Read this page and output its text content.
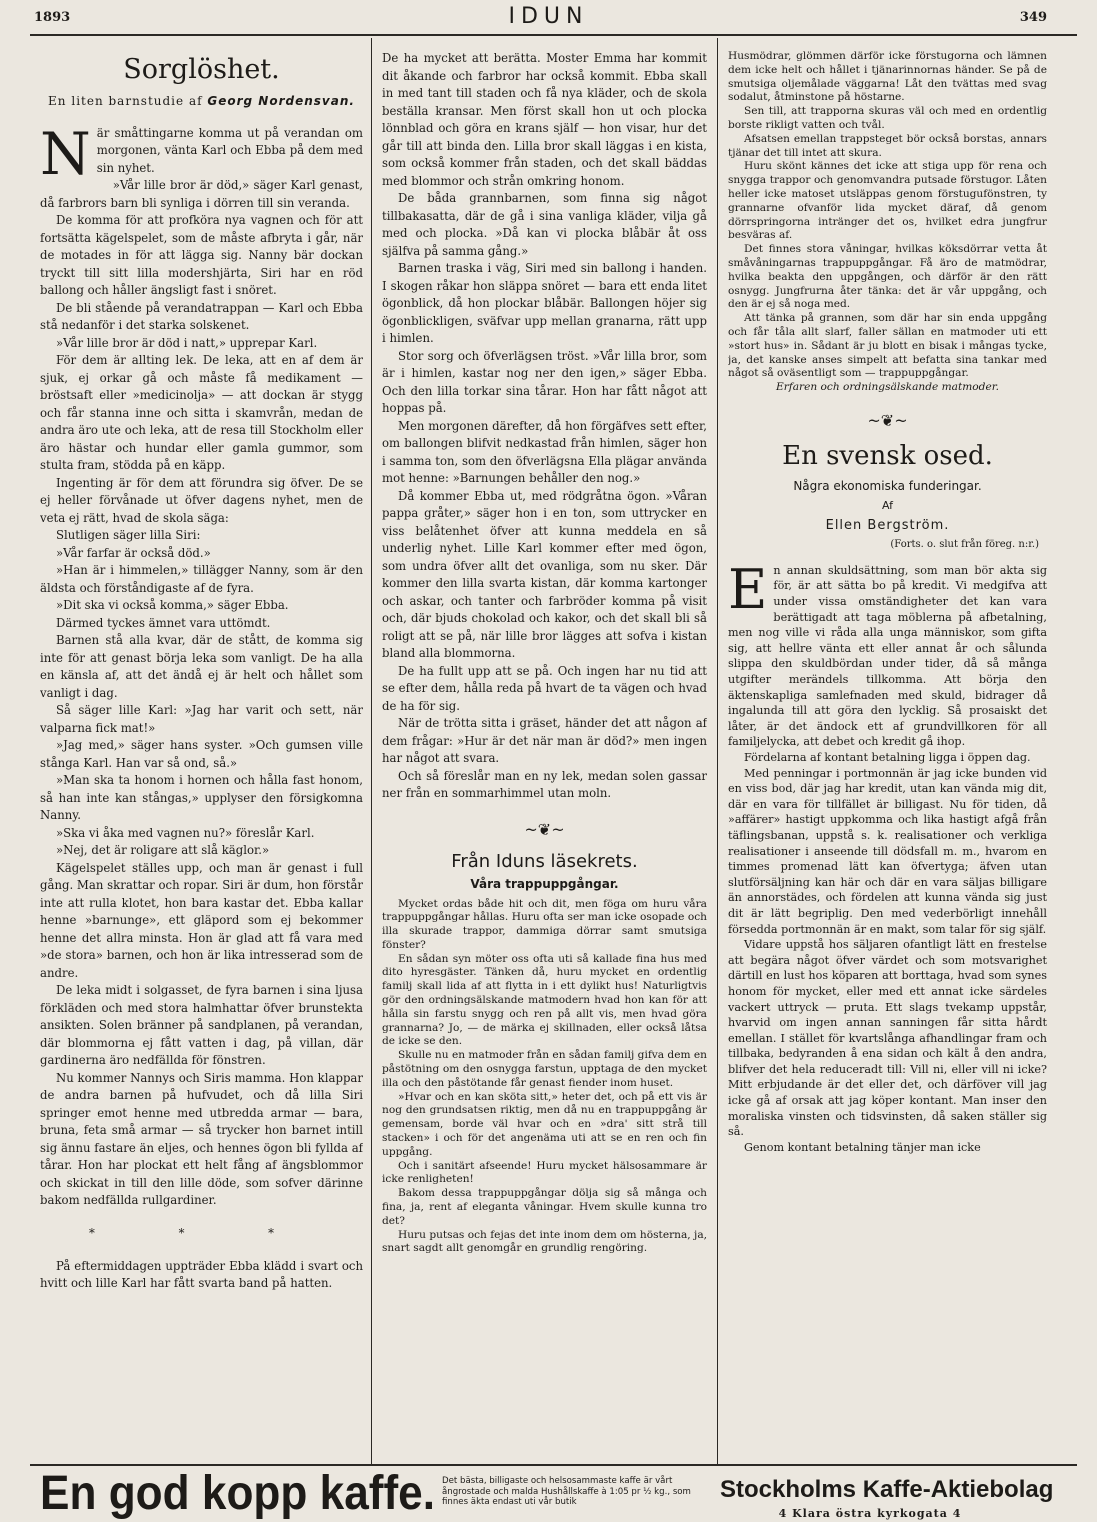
1893	IDUN	349
Sorglöshet.
En liten barnstudie af Georg Nordensvan.
N är småttingarne komma ut på verandan om morgonen, vänta Karl och Ebba på dem med sin nyhet.

»Vår lille bror är död,» säger Karl genast, då farbrors barn bli synliga i dörren till sin veranda.

De komma för att profköra nya vagnen och för att fortsätta kägelspelet, som de måste afbryta i går, när de motades in för att lägga sig. Nanny bär dockan tryckt till sitt lilla modershjärta, Siri har en röd ballong och håller ängsligt fast i snöret.

De bli stående på verandatrappan — Karl och Ebba stå nedanför i det starka solskenet.

»Vår lille bror är död i natt,» upprepar Karl.

För dem är allting lek. De leka, att en af dem är sjuk, ej orkar gå och måste få medikament — bröstsaft eller »medicinolja» — att dockan är stygg och får stanna inne och sitta i skamvrån, medan de andra äro ute och leka, att de resa till Stockholm eller äro hästar och hundar eller gamla gummor, som stulta fram, stödda på en käpp.

Ingenting är för dem att förundra sig öfver. De se ej heller förvånade ut öfver dagens nyhet, men de veta ej rätt, hvad de skola säga:

Slutligen säger lilla Siri:

»Vår farfar är också död.»

»Han är i himmelen,» tillägger Nanny, som är den äldsta och förståndigaste af de fyra.

»Dit ska vi också komma,» säger Ebba.

Därmed tyckes ämnet vara uttömdt.

Barnen stå alla kvar, där de stått, de komma sig inte för att genast börja leka som vanligt. De ha alla en känsla af, att det ändå ej är helt och hållet som vanligt i dag.

Så säger lille Karl: »Jag har varit och sett, när valparna fick mat!»

»Jag med,» säger hans syster. »Och gumsen ville stånga Karl. Han var så ond, så.»

»Man ska ta honom i hornen och hålla fast honom, så han inte kan stångas,» upplyser den försigkomna Nanny.

»Ska vi åka med vagnen nu?» föreslår Karl.

»Nej, det är roligare att slå käglor.»

Kägelspelet ställes upp, och man är genast i full gång. Man skrattar och ropar. Siri är dum, hon förstår inte att rulla klotet, hon bara kastar det. Ebba kallar henne »barnunge», ett gläpord som ej bekommer henne det allra minsta. Hon är glad att få vara med »de stora» barnen, och hon är lika intresserad som de andre.

De leka midt i solgasset, de fyra barnen i sina ljusa förkläden och med stora halmhattar öfver brunstekta ansikten. Solen bränner på sandplanen, på verandan, där blommorna ej fått vatten i dag, på villan, där gardinerna äro nedfällda för fönstren.

Nu kommer Nannys och Siris mamma. Hon klappar de andra barnen på hufvudet, och då lilla Siri springer emot henne med utbredda armar — bara, bruna, feta små armar — så trycker hon barnet intill sig ännu fastare än eljes, och hennes ögon bli fyllda af tårar. Hon har plockat ett helt fång af ängsblommor och skickat in till den lille döde, som sofver därinne bakom nedfällda rullgardiner.

* * *

På eftermiddagen uppträder Ebba klädd i svart och hvitt och lille Karl har fått svarta band på hatten.

De ha mycket att berätta. Moster Emma har kommit dit åkande och farbror har också kommit. Ebba skall in med tant till staden och få nya kläder, och de skola beställa kransar. Men först skall hon ut och plocka lönnblad och göra en krans själf — hon visar, hur det går till att binda den. Lilla bror skall läggas i en kista, som också kommer från staden, och det skall bäddas med blommor och strån omkring honom.

De båda grannbarnen, som finna sig något tillbakasatta, där de gå i sina vanliga kläder, vilja gå med och plocka. »Då kan vi plocka blåbär åt oss själfva på samma gång.»

Barnen traska i väg, Siri med sin ballong i handen. I skogen råkar hon släppa snöret — bara ett enda litet ögonblick, då hon plockar blåbär. Ballongen höjer sig ögonblickligen, sväfvar upp mellan granarna, rätt upp i himlen.

Stor sorg och öfverlägsen tröst. »Vår lilla bror, som är i himlen, kastar nog ner den igen,» säger Ebba. Och den lilla torkar sina tårar. Hon har fått något att hoppas på.

Men morgonen därefter, då hon förgäfves sett efter, om ballongen blifvit nedkastad från himlen, säger hon i samma ton, som den öfverlägsna Ella plägar använda mot henne: »Barnungen behåller den nog.»

Då kommer Ebba ut, med rödgråtna ögon. »Våran pappa gråter,» säger hon i en ton, som uttrycker en viss belåtenhet öfver att kunna meddela en så underlig nyhet. Lille Karl kommer efter med ögon, som undra öfver allt det ovanliga, som nu sker. Där kommer den lilla svarta kistan, där komma kartonger och askar, och tanter och farbröder komma på visit och, där bjuds chokolad och kakor, och det skall bli så roligt att se på, när lille bror lägges att sofva i kistan bland alla blommorna.

De ha fullt upp att se på. Och ingen har nu tid att se efter dem, hålla reda på hvart de ta vägen och hvad de ha för sig.

När de trötta sitta i gräset, händer det att någon af dem frågar: »Hur är det när man är död?» men ingen har något att svara.

Och så föreslår man en ny lek, medan solen gassar ner från en sommarhimmel utan moln.

~❦~
Från Iduns läsekrets.
Våra trappuppgångar.

Mycket ordas både hit och dit, men föga om huru våra trappuppgångar hållas. Huru ofta ser man icke osopade och illa skurade trappor, dammiga dörrar samt smutsiga fönster?

En sådan syn möter oss ofta uti så kallade fina hus med dito hyresgäster. Tänken då, huru mycket en ordentlig familj skall lida af att flytta in i ett dylikt hus! Naturligtvis gör den ordningsälskande matmodern hvad hon kan för att hålla sin farstu snygg och ren på allt vis, men hvad göra grannarna? Jo, — de märka ej skillnaden, eller också låtsa de icke se den.

Skulle nu en matmoder från en sådan familj gifva dem en påstötning om den osnygga farstun, upptaga de den mycket illa och den påstötande får genast fiender inom huset.

»Hvar och en kan sköta sitt,» heter det, och på ett vis är nog den grundsatsen riktig, men då nu en trappuppgång är gemensam, borde väl hvar och en »dra' sitt strå till stacken» i och för det angenäma uti att se en ren och fin uppgång.

Och i sanitärt afseende! Huru mycket hälsosammare är icke renligheten!

Bakom dessa trappuppgångar dölja sig så många och fina, ja, rent af eleganta våningar. Hvem skulle kunna tro det?

Huru putsas och fejas det inte inom dem om hösterna, ja, snart sagdt allt genomgår en grundlig rengöring.

Husmödrar, glömmen därför icke förstugorna och lämnen dem icke helt och hållet i tjänarinnornas händer. Se på de smutsiga oljemålade väggarna! Låt den tvättas med svag sodalut, åtminstone på höstarne.

Sen till, att trapporna skuras väl och med en ordentlig borste rikligt vatten och tvål.

Afsatsen emellan trappsteget bör också borstas, annars tjänar det till intet att skura.

Huru skönt kännes det icke att stiga upp för rena och snygga trappor och genomvandra putsade förstugor. Låten heller icke matoset utsläppas genom förstugufönstren, ty grannarne ofvanför lida mycket däraf, då genom dörrspringorna intränger det os, hvilket edra jungfrur besväras af.

Det finnes stora våningar, hvilkas köksdörrar vetta åt småvåningarnas trappuppgångar. Få äro de matmödrar, hvilka beakta den uppgången, och därför är den rätt osnygg. Jungfrurna åter tänka: det är vår uppgång, och den är ej så noga med.

Att tänka på grannen, som där har sin enda uppgång och får tåla allt slarf, faller sällan en matmoder uti ett »stort hus» in. Sådant är ju blott en bisak i mångas tycke, ja, det kanske anses simpelt att befatta sina tankar med något så oväsentligt som — trappuppgångar.

Erfaren och ordningsälskande matmoder.
~❦~
En svensk osed.
Några ekonomiska funderingar.
Af
Ellen Bergström.
(Forts. o. slut från föreg. n:r.)
E n annan skuldsättning, som man bör akta sig för, är att sätta bo på kredit. Vi medgifva att under vissa omständigheter det kan vara berättigadt att taga möblerna på afbetalning, men nog ville vi råda alla unga människor, som gifta sig, att hellre vänta ett eller annat år och sålunda slippa den skuldbördan under tider, då så många utgifter merändels tillkomma. Att börja den äktenskapliga samlefnaden med skuld, bidrager då ingalunda till att göra den lycklig. Så prosaiskt det låter, är det ändock ett af grundvillkoren för all familjelycka, att debet och kredit gå ihop.

Fördelarna af kontant betalning ligga i öppen dag.

Med penningar i portmonnän är jag icke bunden vid en viss bod, där jag har kredit, utan kan vända mig dit, där en vara för tillfället är billigast. Nu för tiden, då »affärer» hastigt uppkomma och lika hastigt afgå från täflingsbanan, uppstå s. k. realisationer och verkliga realisationer i anseende till dödsfall m. m., hvarom en timmes promenad lätt kan öfvertyga; äfven utan slutförsäljning kan här och där en vara säljas billigare än annorstädes, och fördelen att kunna vända sig just dit är lätt begriplig. Den med vederbörligt innehåll försedda portmonnän är en makt, som talar för sig själf.

Vidare uppstå hos säljaren ofantligt lätt en frestelse att begära något öfver värdet och som motsvarighet därtill en lust hos köparen att borttaga, hvad som synes honom för mycket, eller med ett annat icke särdeles vackert uttryck — pruta. Ett slags tvekamp uppstår, hvarvid om ingen annan sanningen får sitta hårdt emellan. I stället för kvartslånga afhandlingar fram och tillbaka, bedyranden å ena sidan och kält å den andra, blifver det hela reduceradt till: Vill ni, eller vill ni icke? Mitt erbjudande är det eller det, och därföver vill jag icke gå af orsak att jag köper kontant. Man inser den moraliska vinsten och tidsvinsten, då saken ställer sig så.

Genom kontant betalning tänjer man icke

En god kopp kaffe. Det bästa, billigaste och helsosammaste kaffe är vårt ångrostade och malda Hushållskaffe à 1:05 pr ½ kg., som finnes äkta endast uti vår butik	Stockholms Kaffe-Aktiebolag
4 Klara östra kyrkogata 4
